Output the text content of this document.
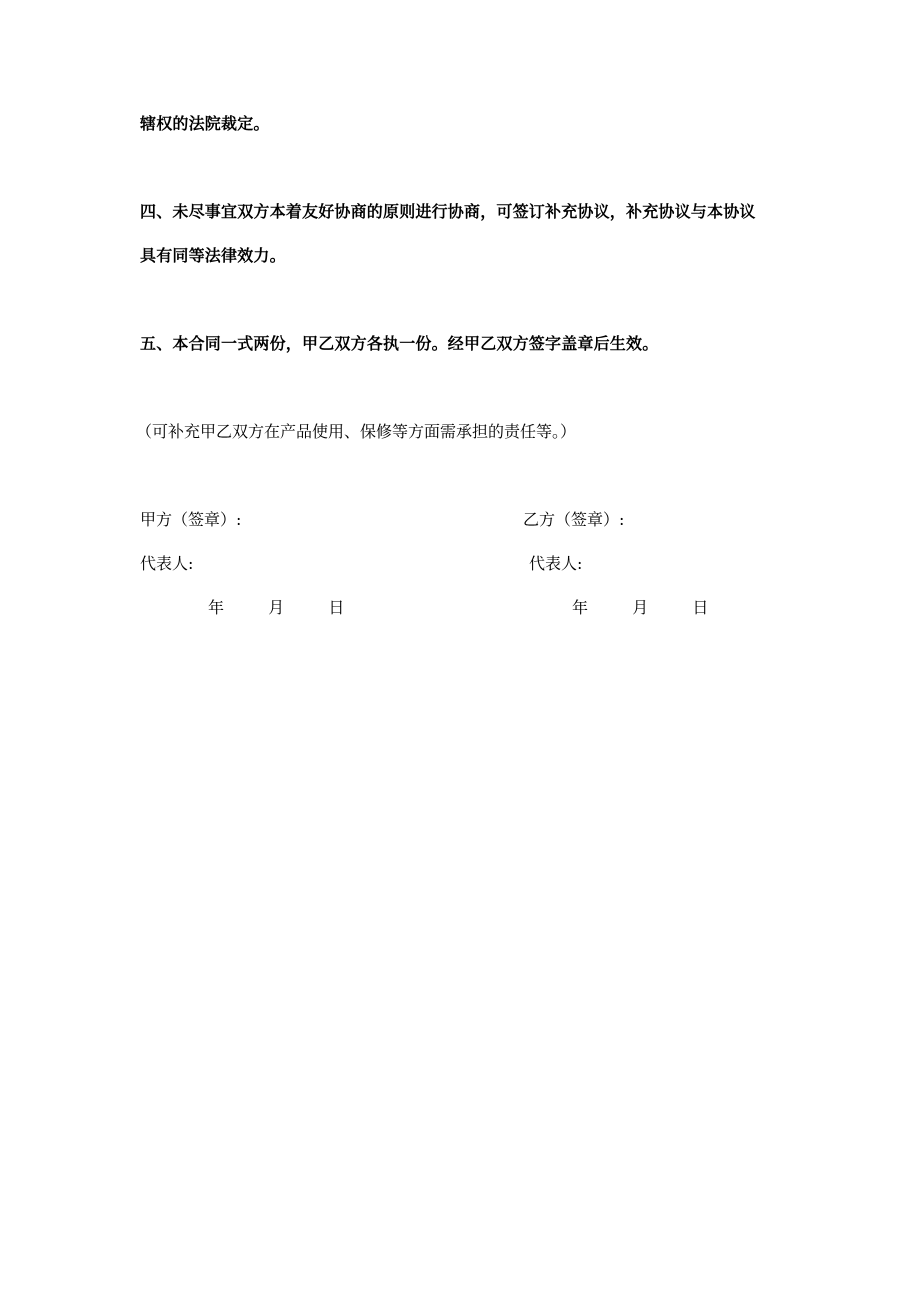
辖权的法院裁定。

四、未尽事宜双方本着友好协商的原则进行协商，可签订补充协议，补充协议与本协议

具有同等法律效力。

五、本合同一式两份，甲乙双方各执一份。经甲乙双方签字盖章后生效。

（可补充甲乙双方在产品使用、保修等方面需承担的责任等。）

甲方（签章）:

代表人:

年	月	日

乙方（签章）:

代表人:

年	月	日
